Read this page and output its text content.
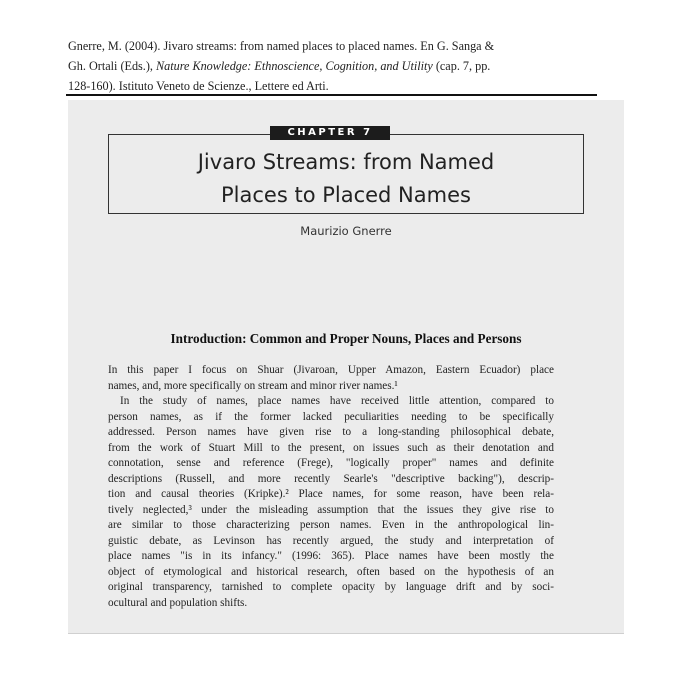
Gnerre, M. (2004). Jivaro streams: from named places to placed names. En G. Sanga &
Gh. Ortali (Eds.), Nature Knowledge: Ethnoscience, Cognition, and Utility (cap. 7, pp.
128-160). Istituto Veneto de Scienze., Lettere ed Arti.
CHAPTER 7
Jivaro Streams: from Named
Places to Placed Names
Maurizio Gnerre
Introduction: Common and Proper Nouns, Places and Persons
In this paper I focus on Shuar (Jivaroan, Upper Amazon, Eastern Ecuador) place
names, and, more specifically on stream and minor river names.¹
In the study of names, place names have received little attention, compared to
person names, as if the former lacked peculiarities needing to be specifically
addressed. Person names have given rise to a long-standing philosophical debate,
from the work of Stuart Mill to the present, on issues such as their denotation and
connotation, sense and reference (Frege), "logically proper" names and definite
descriptions (Russell, and more recently Searle's "descriptive backing"), descrip-
tion and causal theories (Kripke).² Place names, for some reason, have been rela-
tively neglected,³ under the misleading assumption that the issues they give rise to
are similar to those characterizing person names. Even in the anthropological lin-
guistic debate, as Levinson has recently argued, the study and interpretation of
place names "is in its infancy." (1996: 365). Place names have been mostly the
object of etymological and historical research, often based on the hypothesis of an
original transparency, tarnished to complete opacity by language drift and by soci-
ocultural and population shifts.
